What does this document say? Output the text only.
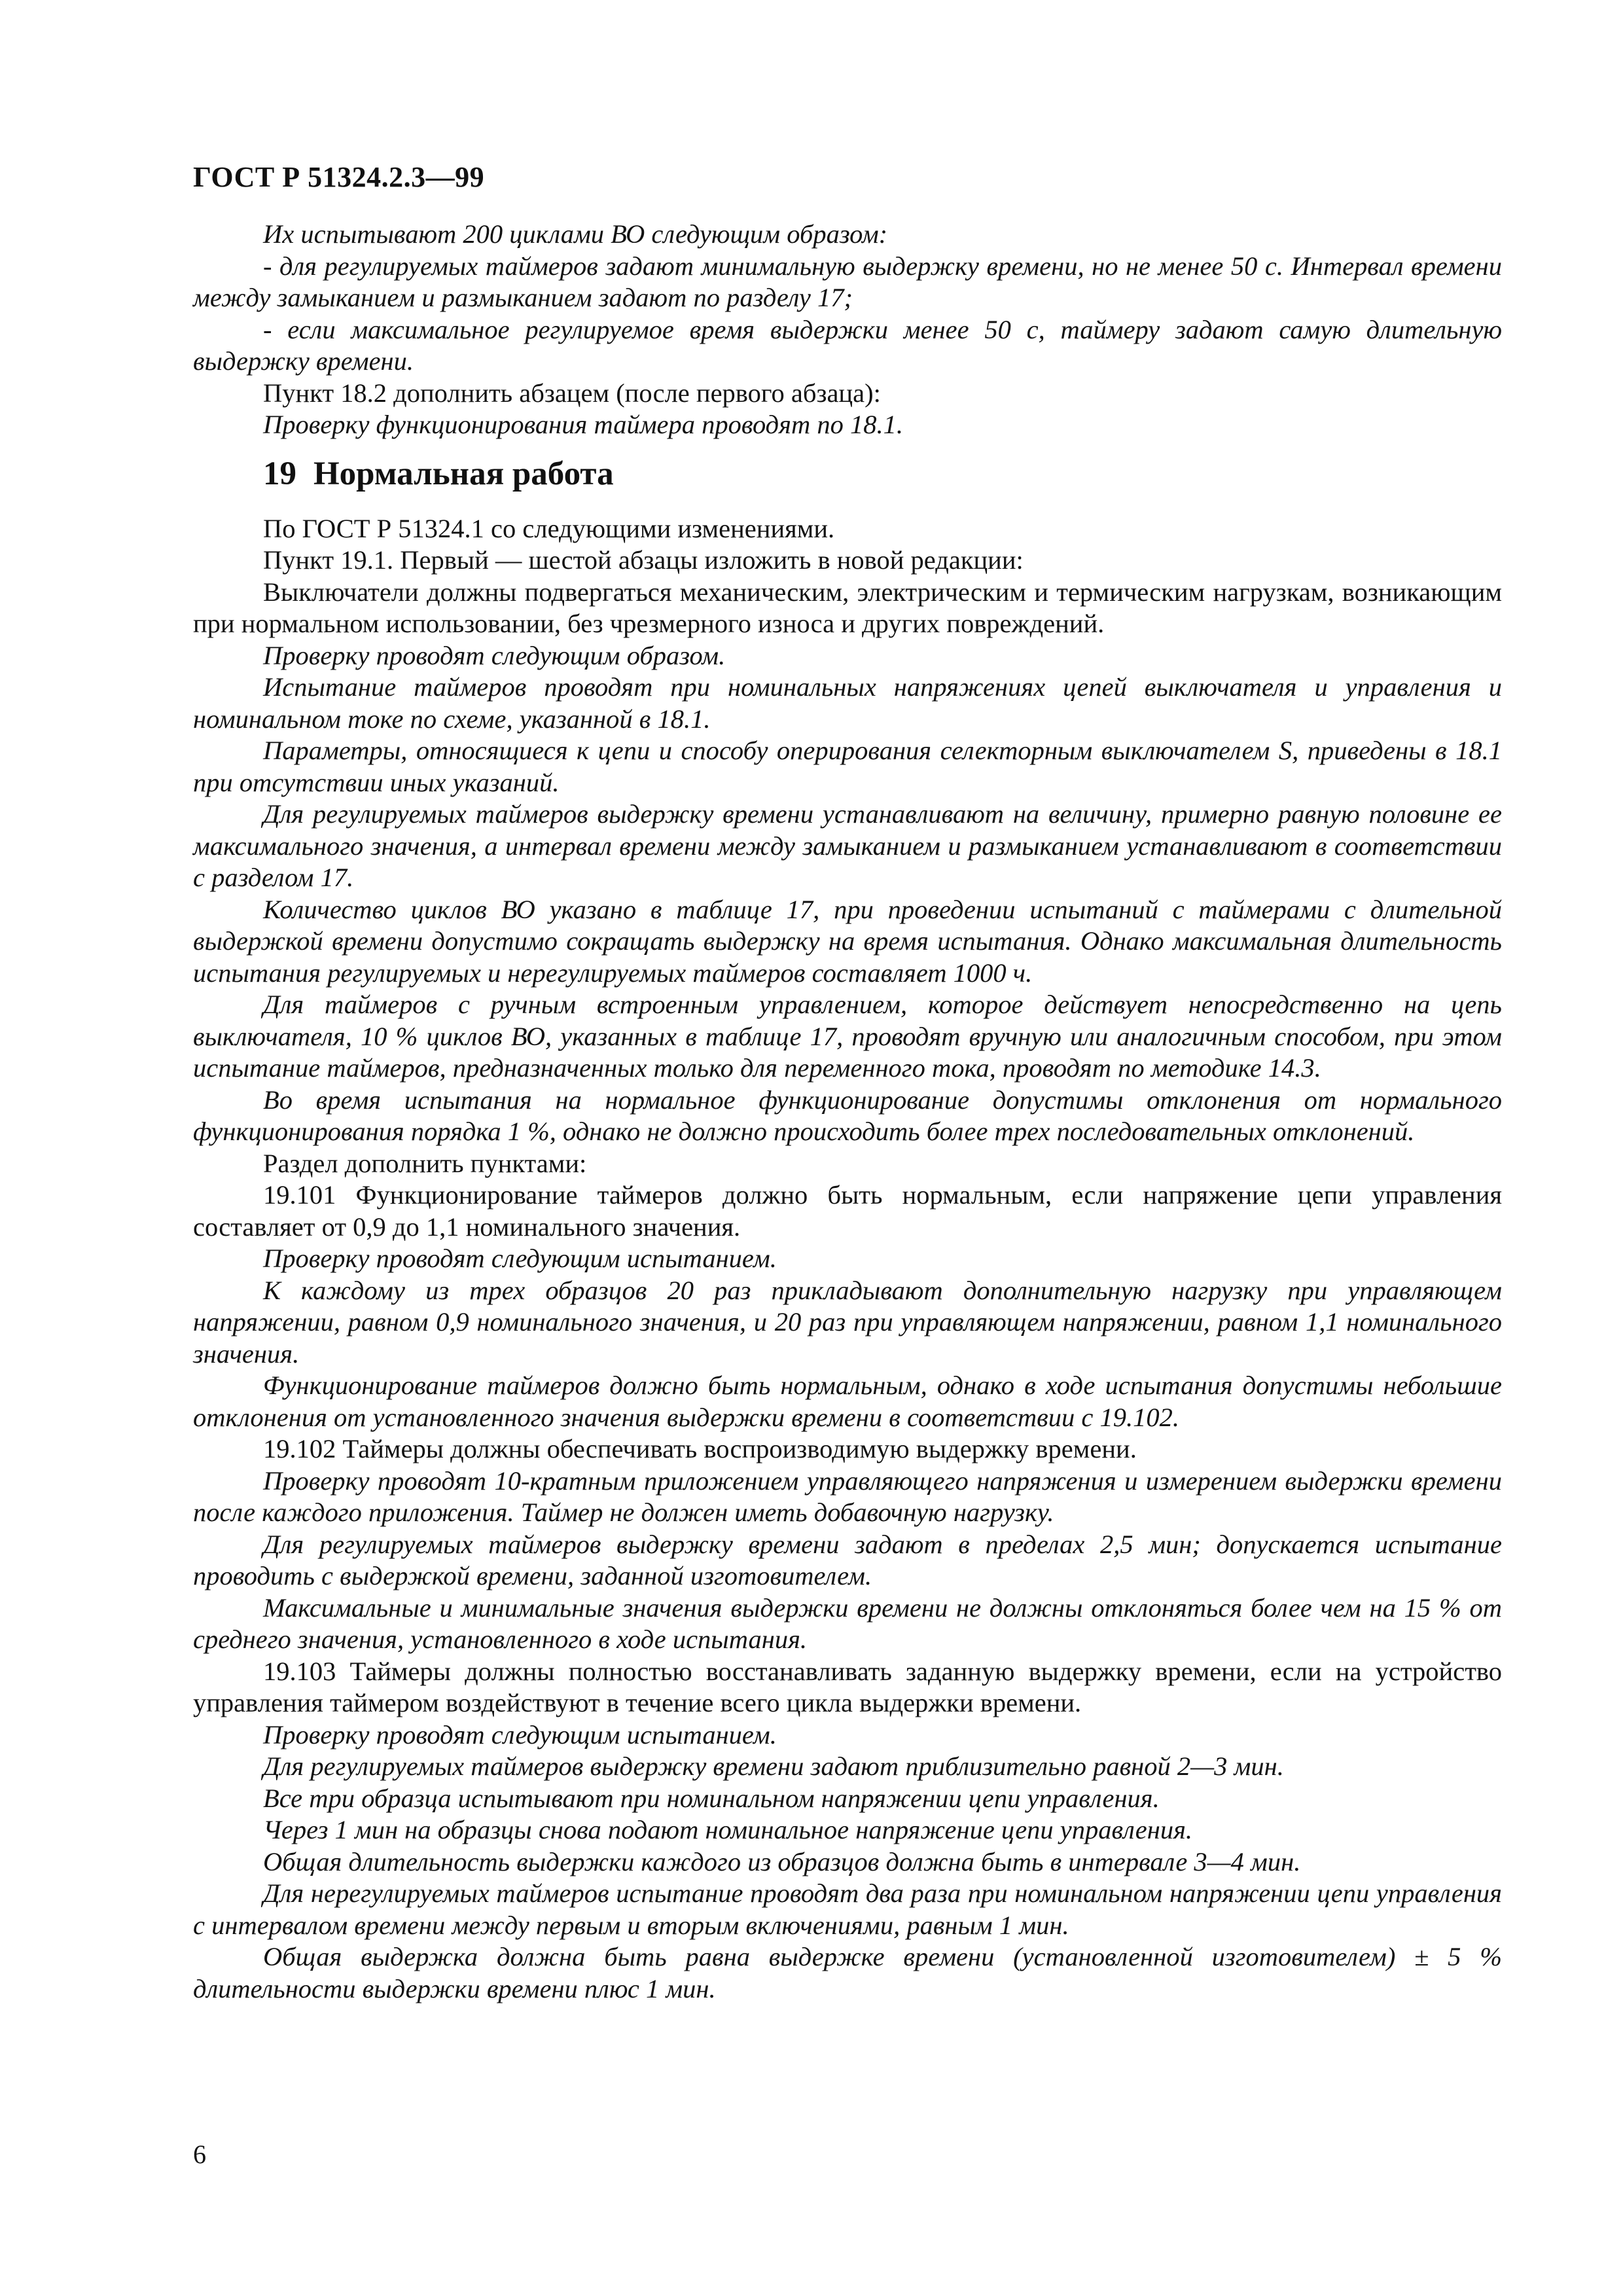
ГОСТ Р 51324.2.3—99

Их испытывают 200 циклами ВО следующим образом:

- для регулируемых таймеров задают минимальную выдержку времени, но не менее 50 с. Интервал времени между замыканием и размыканием задают по разделу 17;

- если максимальное регулируемое время выдержки менее 50 с, таймеру задают самую длительную выдержку времени.

Пункт 18.2 дополнить абзацем (после первого абзаца):

Проверку функционирования таймера проводят по 18.1.

19 Нормальная работа

По ГОСТ Р 51324.1 со следующими изменениями.

Пункт 19.1. Первый — шестой абзацы изложить в новой редакции:

Выключатели должны подвергаться механическим, электрическим и термическим нагрузкам, возникающим при нормальном использовании, без чрезмерного износа и других повреждений.

Проверку проводят следующим образом.

Испытание таймеров проводят при номинальных напряжениях цепей выключателя и управления и номинальном токе по схеме, указанной в 18.1.

Параметры, относящиеся к цепи и способу оперирования селекторным выключателем S, приведены в 18.1 при отсутствии иных указаний.

Для регулируемых таймеров выдержку времени устанавливают на величину, примерно равную половине ее максимального значения, а интервал времени между замыканием и размыканием устанавливают в соответствии с разделом 17.

Количество циклов ВО указано в таблице 17, при проведении испытаний с таймерами с длительной выдержкой времени допустимо сокращать выдержку на время испытания. Однако максимальная длительность испытания регулируемых и нерегулируемых таймеров составляет 1000 ч.

Для таймеров с ручным встроенным управлением, которое действует непосредственно на цепь выключателя, 10 % циклов ВО, указанных в таблице 17, проводят вручную или аналогичным способом, при этом испытание таймеров, предназначенных только для переменного тока, проводят по методике 14.3.

Во время испытания на нормальное функционирование допустимы отклонения от нормального функционирования порядка 1 %, однако не должно происходить более трех последовательных отклонений.

Раздел дополнить пунктами:

19.101 Функционирование таймеров должно быть нормальным, если напряжение цепи управления составляет от 0,9 до 1,1 номинального значения.

Проверку проводят следующим испытанием.

К каждому из трех образцов 20 раз прикладывают дополнительную нагрузку при управляющем напряжении, равном 0,9 номинального значения, и 20 раз при управляющем напряжении, равном 1,1 номинального значения.

Функционирование таймеров должно быть нормальным, однако в ходе испытания допустимы небольшие отклонения от установленного значения выдержки времени в соответствии с 19.102.

19.102 Таймеры должны обеспечивать воспроизводимую выдержку времени.

Проверку проводят 10-кратным приложением управляющего напряжения и измерением выдержки времени после каждого приложения. Таймер не должен иметь добавочную нагрузку.

Для регулируемых таймеров выдержку времени задают в пределах 2,5 мин; допускается испытание проводить с выдержкой времени, заданной изготовителем.

Максимальные и минимальные значения выдержки времени не должны отклоняться более чем на 15 % от среднего значения, установленного в ходе испытания.

19.103 Таймеры должны полностью восстанавливать заданную выдержку времени, если на устройство управления таймером воздействуют в течение всего цикла выдержки времени.

Проверку проводят следующим испытанием.

Для регулируемых таймеров выдержку времени задают приблизительно равной 2—3 мин.

Все три образца испытывают при номинальном напряжении цепи управления.

Через 1 мин на образцы снова подают номинальное напряжение цепи управления.

Общая длительность выдержки каждого из образцов должна быть в интервале 3—4 мин.

Для нерегулируемых таймеров испытание проводят два раза при номинальном напряжении цепи управления с интервалом времени между первым и вторым включениями, равным 1 мин.

Общая выдержка должна быть равна выдержке времени (установленной изготовителем) ± 5 % длительности выдержки времени плюс 1 мин.

6
